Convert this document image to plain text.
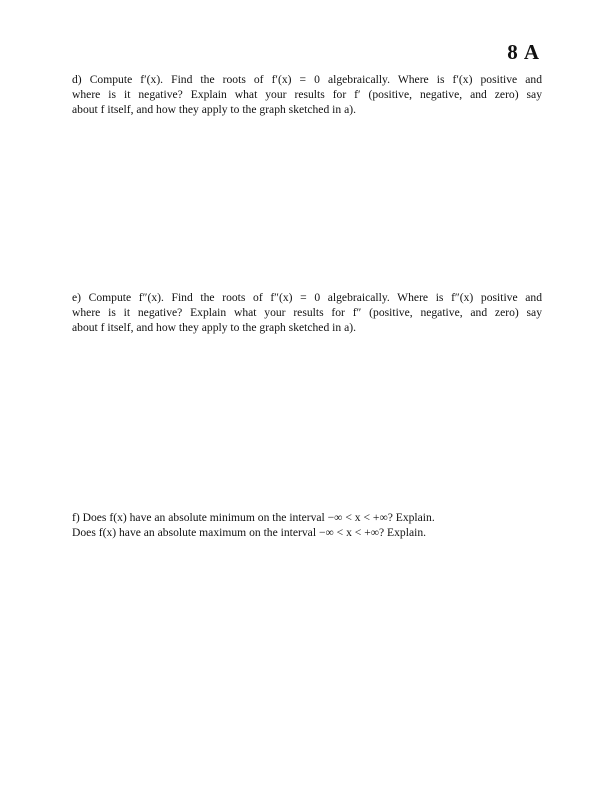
8 A
d) Compute f′(x). Find the roots of f′(x) = 0 algebraically. Where is f′(x) positive and
where is it negative? Explain what your results for f′ (positive, negative, and zero) say
about f itself, and how they apply to the graph sketched in a).
e) Compute f″(x). Find the roots of f″(x) = 0 algebraically. Where is f″(x) positive and
where is it negative? Explain what your results for f″ (positive, negative, and zero) say
about f itself, and how they apply to the graph sketched in a).
f) Does f(x) have an absolute minimum on the interval −∞ < x < +∞? Explain.
Does f(x) have an absolute maximum on the interval −∞ < x < +∞? Explain.
